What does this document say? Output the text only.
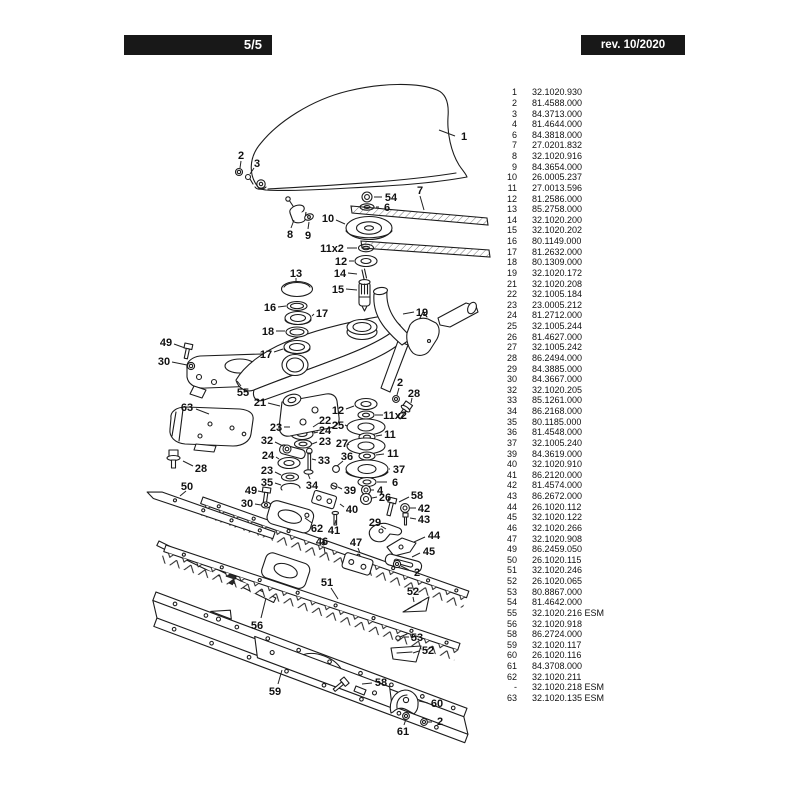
5/5	rev. 10/2020
1 32.1020.930
2 81.4588.000
3 84.3713.000
4 81.4644.000
6 84.3818.000
7 27.0201.832
8 32.1020.916
9 84.3654.000
10 26.0005.237
11 27.0013.596
12 81.2586.000
13 85.2758.000
14 32.1020.200
15 32.1020.202
16 80.1149.000
17 81.2632.000
18 80.1309.000
19 32.1020.172
21 32.1020.208
22 32.1005.184
23 23.0005.212
24 81.2712.000
25 32.1005.244
26 81.4627.000
27 32.1005.242
28 86.2494.000
29 84.3885.000
30 84.3667.000
32 32.1020.205
33 85.1261.000
34 86.2168.000
35 80.1185.000
36 81.4548.000
37 32.1005.240
39 84.3619.000
40 32.1020.910
41 86.2120.000
42 81.4574.000
43 86.2672.000
44 26.1020.112
45 32.1020.122
46 32.1020.266
47 32.1020.908
49 86.2459.050
50 26.1020.115
51 32.1020.246
52 26.1020.065
53 80.8867.000
54 81.4642.000
55 32.1020.216 ESM
56 32.1020.918
58 86.2724.000
59 32.1020.117
60 26.1020.116
61 84.3708.000
62 32.1020.211
- 32.1020.218 ESM
63 32.1020.135 ESM
1
2
3
54
6
7
8 9
10
11x2
12
13	14
15
16	17
18
17
19
55
63	21
2
28
12	11x2
22
23	25
24
32	23
11
27
24	33 36	11
23	37
35	34 39
6
4
26
49
30
28
49
30
50
58
42
43
29
40
41
62
46 47
44
45
2
52
51
53
52
56
58
59
60
61
2
